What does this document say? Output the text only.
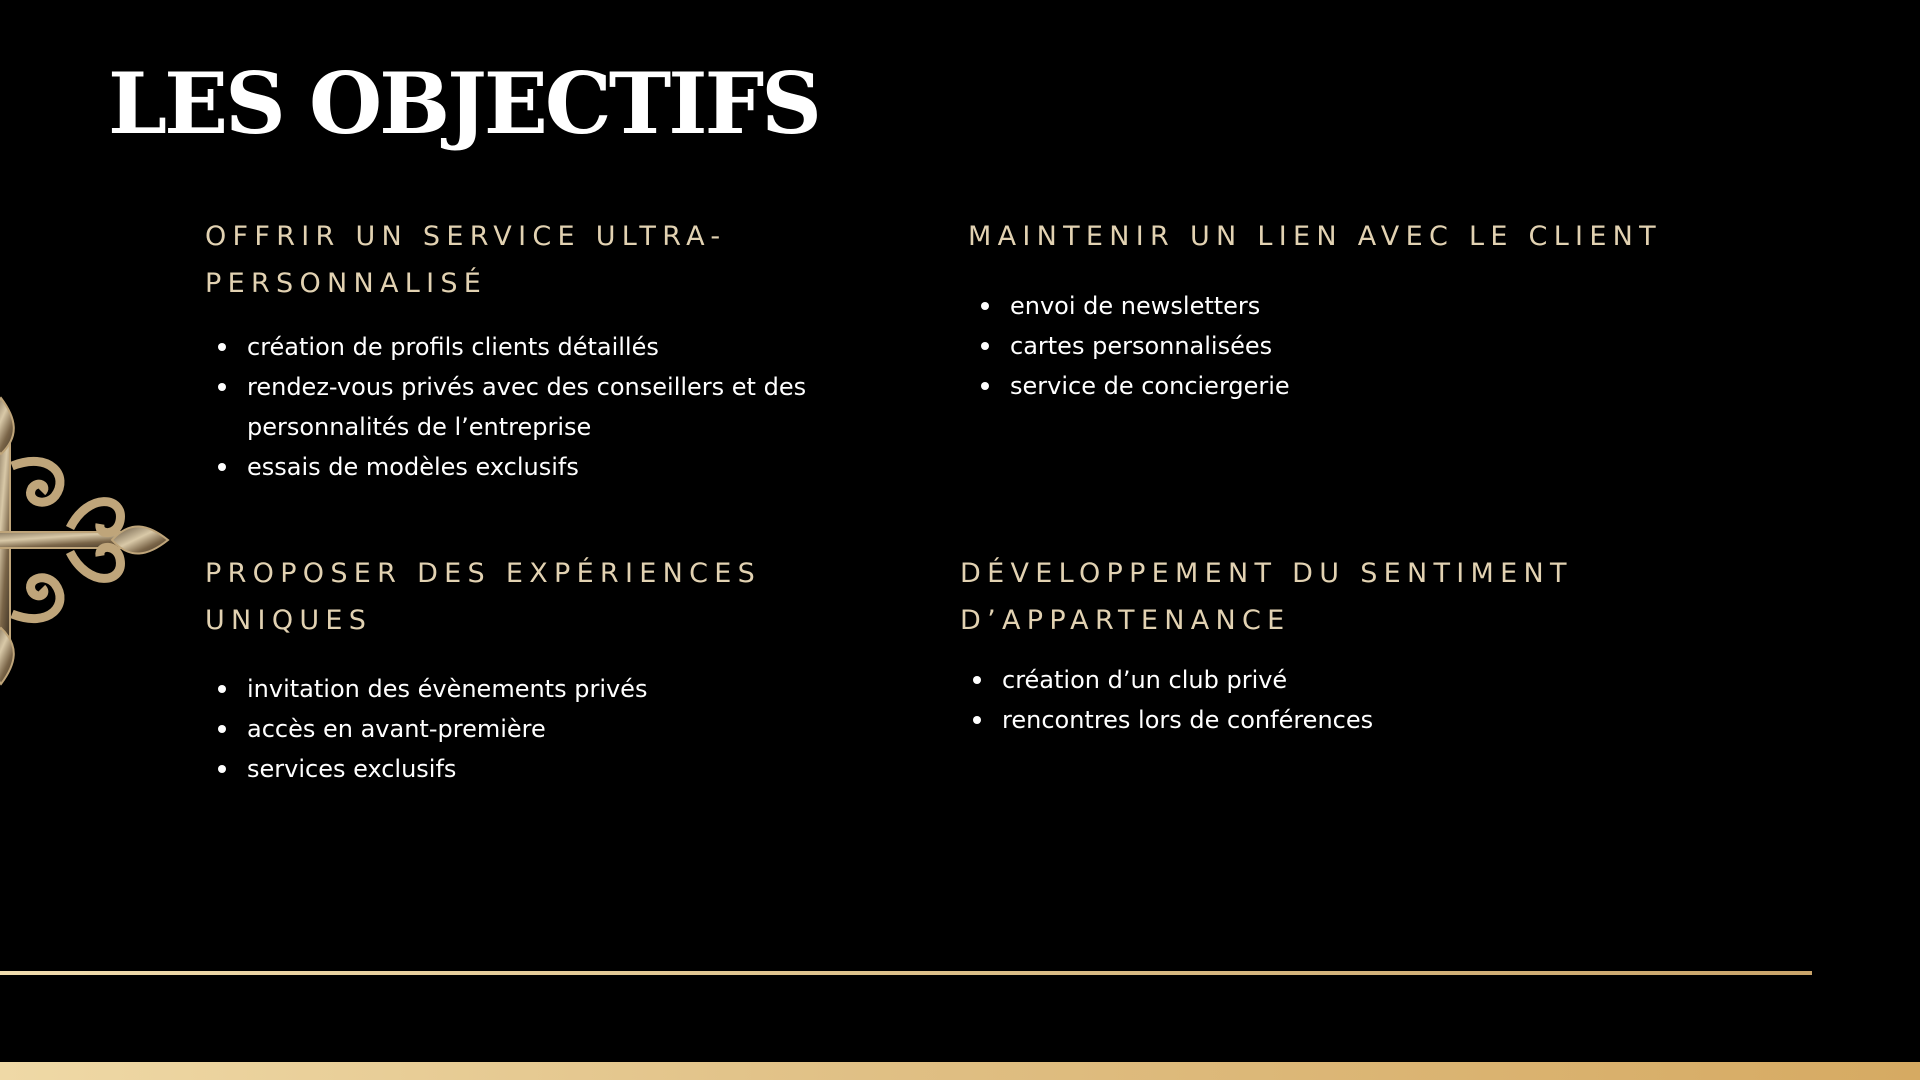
LES OBJECTIFS
OFFRIR UN SERVICE ULTRA-
PERSONNALISÉ
création de profils clients détaillés
rendez-vous privés avec des conseillers et des personnalités de l’entreprise
essais de modèles exclusifs
MAINTENIR UN LIEN AVEC LE CLIENT
envoi de newsletters
cartes personnalisées
service de conciergerie
PROPOSER DES EXPÉRIENCES
UNIQUES
invitation des évènements privés
accès en avant-première
services exclusifs
DÉVELOPPEMENT DU SENTIMENT
D’APPARTENANCE
création d’un club privé
rencontres lors de conférences
